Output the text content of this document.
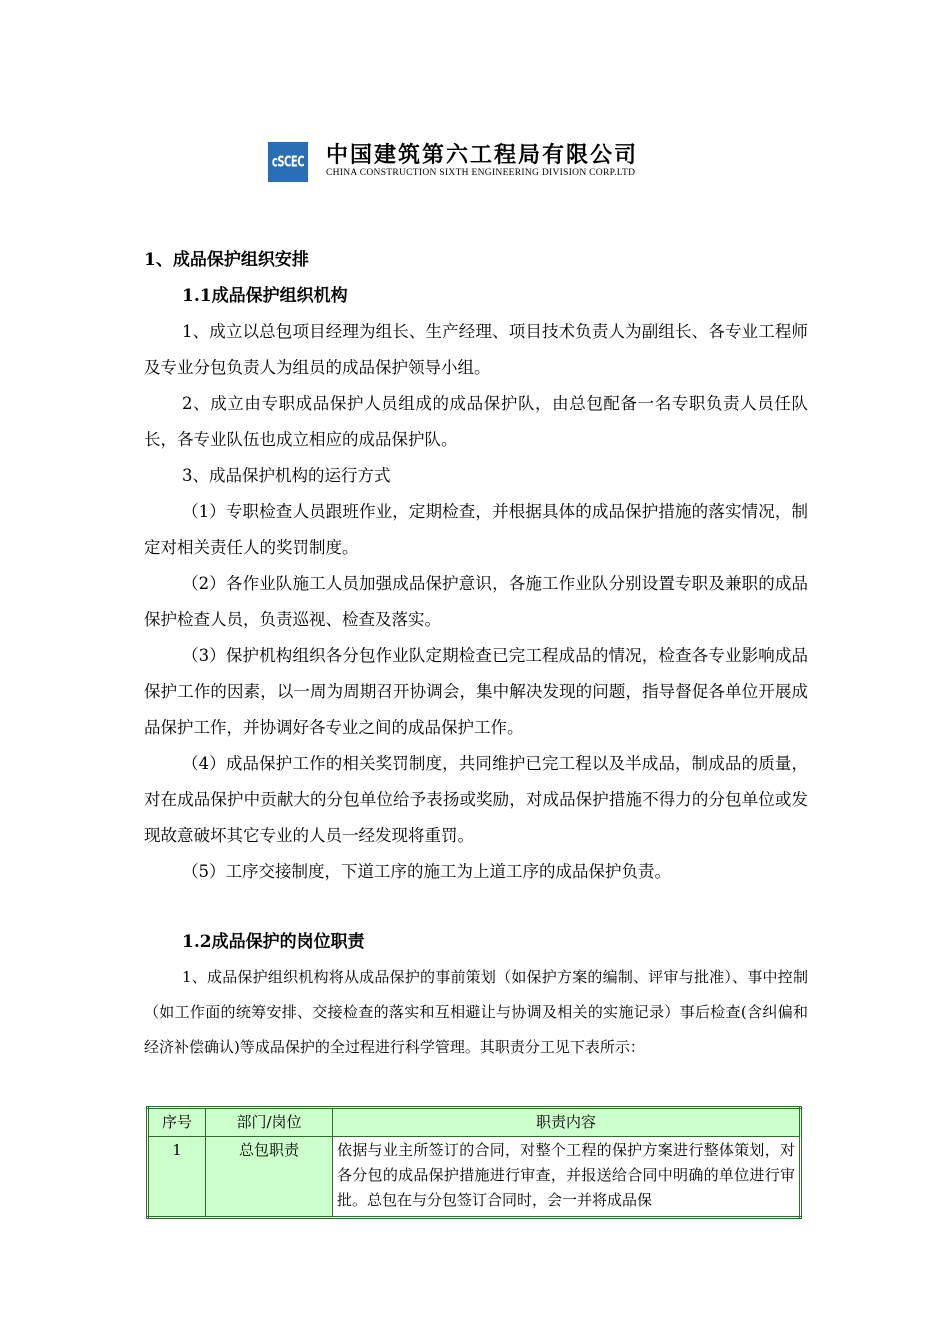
cSCEC 中国建筑第六工程局有限公司
CHINA CONSTRUCTION SIXTH ENGINEERING DIVISION CORP.LTD
1、成品保护组织安排
1.1成品保护组织机构

1、成立以总包项目经理为组长、生产经理、项目技术负责人为副组长、各专业工程师及专业分包负责人为组员的成品保护领导小组。

2、成立由专职成品保护人员组成的成品保护队，由总包配备一名专职负责人员任队长，各专业队伍也成立相应的成品保护队。

3、成品保护机构的运行方式

（1）专职检查人员跟班作业，定期检查，并根据具体的成品保护措施的落实情况，制定对相关责任人的奖罚制度。

（2）各作业队施工人员加强成品保护意识，各施工作业队分别设置专职及兼职的成品保护检查人员，负责巡视、检查及落实。

（3）保护机构组织各分包作业队定期检查已完工程成品的情况，检查各专业影响成品保护工作的因素，以一周为周期召开协调会，集中解决发现的问题，指导督促各单位开展成品保护工作，并协调好各专业之间的成品保护工作。

（4）成品保护工作的相关奖罚制度，共同维护已完工程以及半成品，制成品的质量，对在成品保护中贡献大的分包单位给予表扬或奖励，对成品保护措施不得力的分包单位或发现故意破坏其它专业的人员一经发现将重罚。

（5）工序交接制度，下道工序的施工为上道工序的成品保护负责。

1.2成品保护的岗位职责

1、成品保护组织机构将从成品保护的事前策划（如保护方案的编制、评审与批准）、事中控制（如工作面的统筹安排、交接检查的落实和互相避让与协调及相关的实施记录）事后检查(含纠偏和经济补偿确认)等成品保护的全过程进行科学管理。其职责分工见下表所示：

序号	部门/岗位	职责内容
1	总包职责	依据与业主所签订的合同，对整个工程的保护方案进行整体策划，对各分包的成品保护措施进行审查，并报送给合同中明确的单位进行审批。总包在与分包签订合同时，会一并将成品保
